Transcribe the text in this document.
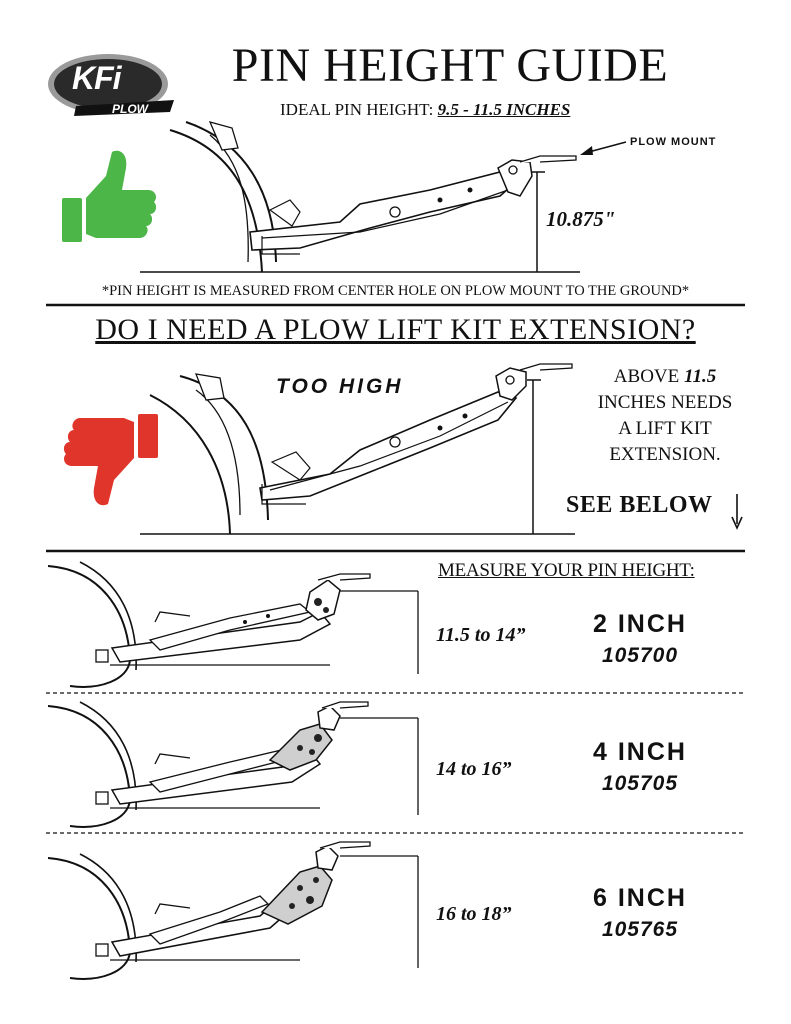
KFi
PLOW
PIN HEIGHT GUIDE
IDEAL PIN HEIGHT: 9.5 - 11.5 INCHES
PLOW MOUNT
10.875"
*PIN HEIGHT IS MEASURED FROM CENTER HOLE ON PLOW MOUNT TO THE GROUND*
DO I NEED A PLOW LIFT KIT EXTENSION?
TOO HIGH	ABOVE 11.5
INCHES NEEDS
A LIFT KIT
EXTENSION.
SEE BELOW
MEASURE YOUR PIN HEIGHT:
11.5 to 14”	2 INCH
105700
14 to 16”
4 INCH
105705
16 to 18”
6 INCH
105765
